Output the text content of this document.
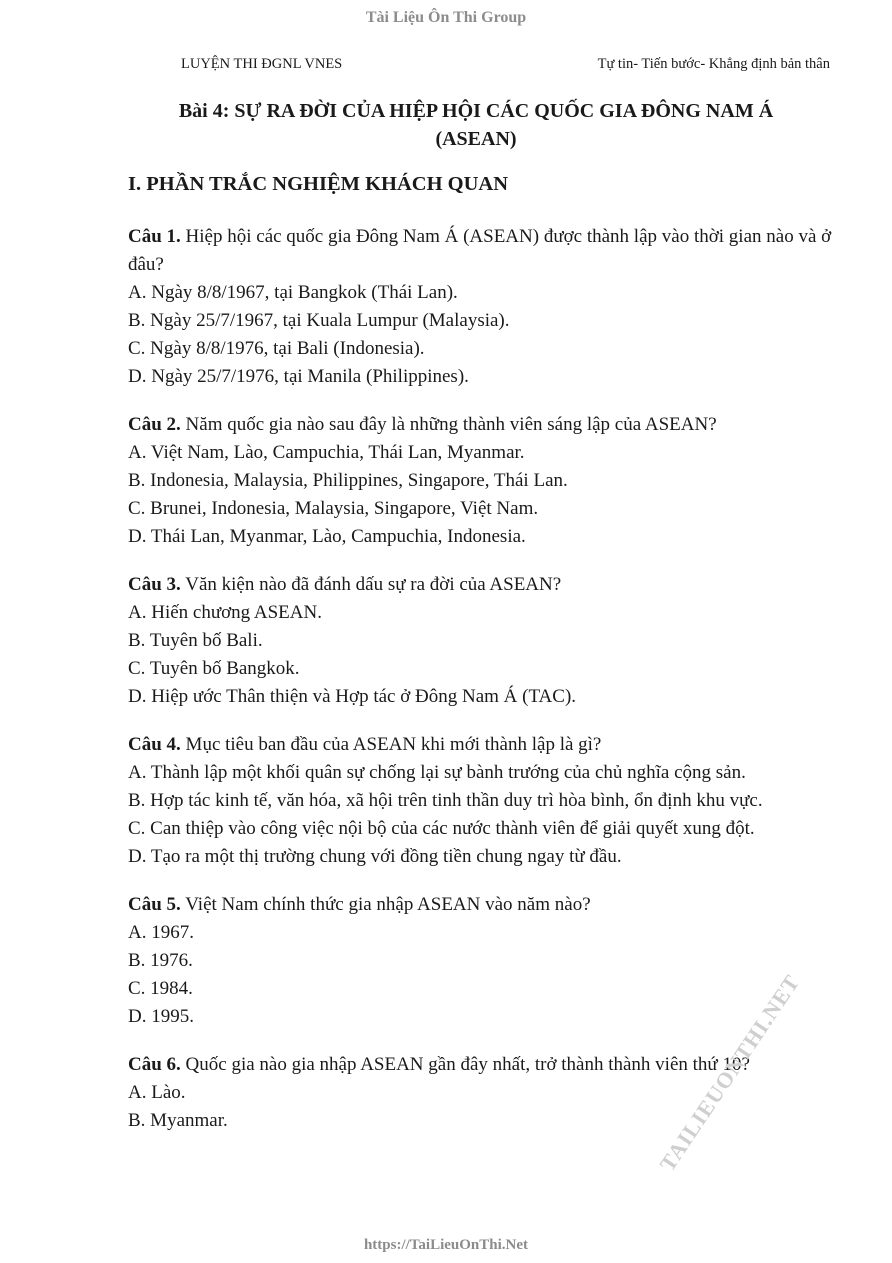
Tài Liệu Ôn Thi Group
LUYỆN THI ĐGNL VNES	Tự tin- Tiến bước- Khẳng định bản thân
Bài 4: SỰ RA ĐỜI CỦA HIỆP HỘI CÁC QUỐC GIA ĐÔNG NAM Á
(ASEAN)
I. PHẦN TRẮC NGHIỆM KHÁCH QUAN
Câu 1. Hiệp hội các quốc gia Đông Nam Á (ASEAN) được thành lập vào thời gian nào và ở đâu?
A. Ngày 8/8/1967, tại Bangkok (Thái Lan).
B. Ngày 25/7/1967, tại Kuala Lumpur (Malaysia).
C. Ngày 8/8/1976, tại Bali (Indonesia).
D. Ngày 25/7/1976, tại Manila (Philippines).
Câu 2. Năm quốc gia nào sau đây là những thành viên sáng lập của ASEAN?
A. Việt Nam, Lào, Campuchia, Thái Lan, Myanmar.
B. Indonesia, Malaysia, Philippines, Singapore, Thái Lan.
C. Brunei, Indonesia, Malaysia, Singapore, Việt Nam.
D. Thái Lan, Myanmar, Lào, Campuchia, Indonesia.
Câu 3. Văn kiện nào đã đánh dấu sự ra đời của ASEAN?
A. Hiến chương ASEAN.
B. Tuyên bố Bali.
C. Tuyên bố Bangkok.
D. Hiệp ước Thân thiện và Hợp tác ở Đông Nam Á (TAC).
Câu 4. Mục tiêu ban đầu của ASEAN khi mới thành lập là gì?
A. Thành lập một khối quân sự chống lại sự bành trướng của chủ nghĩa cộng sản.
B. Hợp tác kinh tế, văn hóa, xã hội trên tinh thần duy trì hòa bình, ổn định khu vực.
C. Can thiệp vào công việc nội bộ của các nước thành viên để giải quyết xung đột.
D. Tạo ra một thị trường chung với đồng tiền chung ngay từ đầu.
Câu 5. Việt Nam chính thức gia nhập ASEAN vào năm nào?
A. 1967.
B. 1976.
C. 1984.
D. 1995.
Câu 6. Quốc gia nào gia nhập ASEAN gần đây nhất, trở thành thành viên thứ 10?
A. Lào.
B. Myanmar.	TAILIEUONTHI.NET
https://TaiLieuOnThi.Net
